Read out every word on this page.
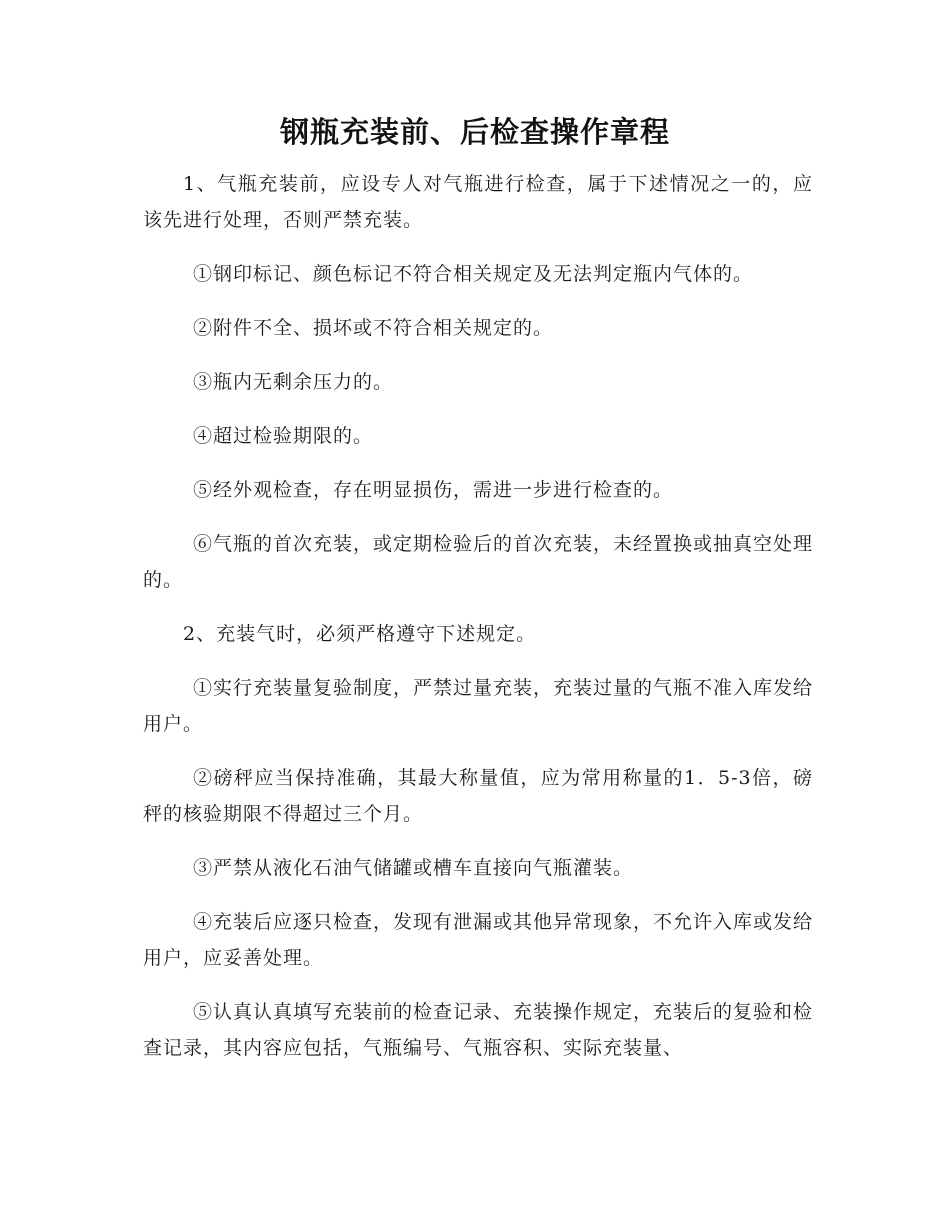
钢瓶充装前、后检查操作章程

1、气瓶充装前，应设专人对气瓶进行检查，属于下述情况之一的，应该先进行处理，否则严禁充装。

①钢印标记、颜色标记不符合相关规定及无法判定瓶内气体的。

②附件不全、损坏或不符合相关规定的。

③瓶内无剩余压力的。

④超过检验期限的。

⑤经外观检查，存在明显损伤，需进一步进行检查的。

⑥气瓶的首次充装，或定期检验后的首次充装，未经置换或抽真空处理的。

2、充装气时，必须严格遵守下述规定。

①实行充装量复验制度，严禁过量充装，充装过量的气瓶不准入库发给用户。

②磅秤应当保持准确，其最大称量值，应为常用称量的1．5-3倍，磅秤的核验期限不得超过三个月。

③严禁从液化石油气储罐或槽车直接向气瓶灌装。

④充装后应逐只检查，发现有泄漏或其他异常现象，不允许入库或发给用户，应妥善处理。

⑤认真认真填写充装前的检查记录、充装操作规定，充装后的复验和检查记录，其内容应包括，气瓶编号、气瓶容积、实际充装量、
